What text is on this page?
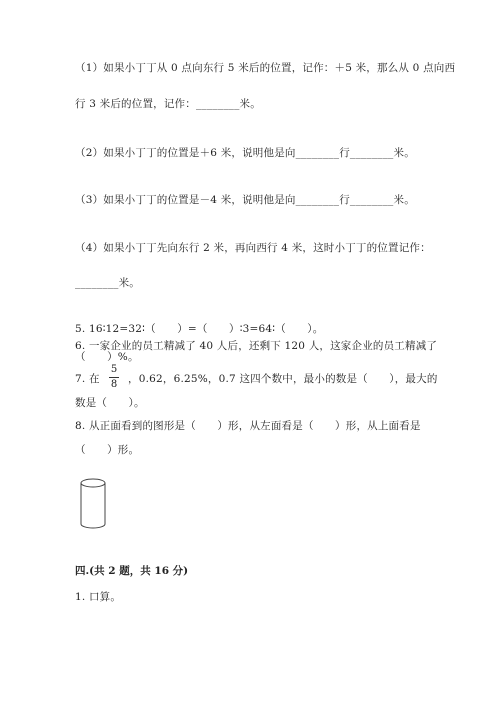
（1）如果小丁丁从 0 点向东行 5 米后的位置，记作：＋5 米，那么从 0 点向西
行 3 米后的位置，记作：________米。
（2）如果小丁丁的位置是＋6 米，说明他是向________行________米。
（3）如果小丁丁的位置是－4 米，说明他是向________行________米。
（4）如果小丁丁先向东行 2 米，再向西行 4 米，这时小丁丁的位置记作：
________米。
5. 16∶12=32∶（　　）=（　　）∶3=64∶（　　）。
6. 一家企业的员工精减了 40 人后，还剩下 120 人，这家企业的员工精减了
（　　）%。
7. 在
5
8	，0.62，6.25%，0.7 这四个数中，最小的数是（　　），最大的
数是（　　）。
8. 从正面看到的图形是（　　）形，从左面看是（　　）形，从上面看是
（　　）形。
四.(共 2 题，共 16 分)
1. 口算。
